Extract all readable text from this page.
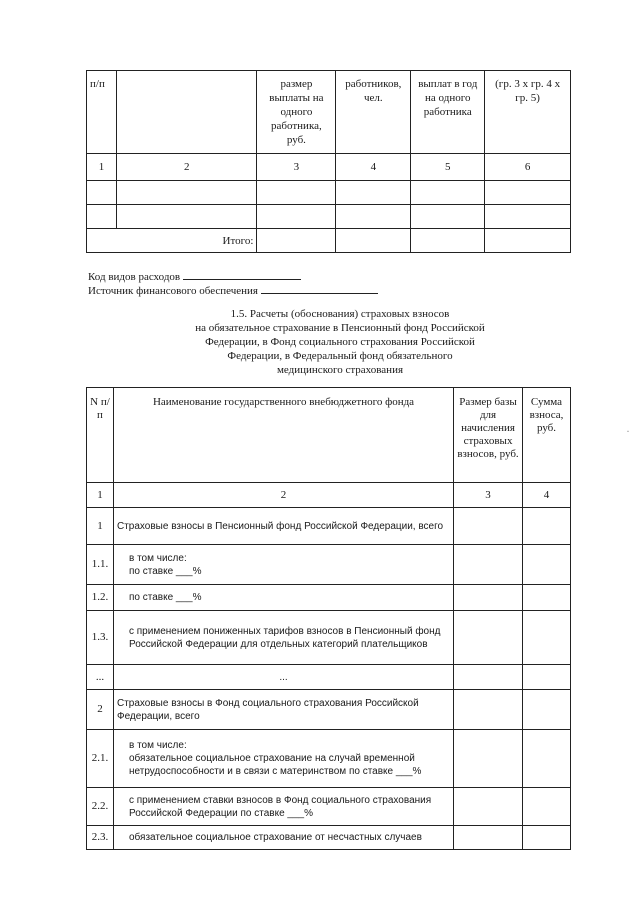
·
п/п		размер выплаты на одного работника, руб.	работников, чел.	выплат в год на одного работника	(гр. 3 х гр. 4 х гр. 5)
1	2	3	4	5	6

Итого:					
Код видов расходов
Источник финансового обеспечения
1.5. Расчеты (обоснования) страховых взносов
на обязательное страхование в Пенсионный фонд Российской
Федерации, в Фонд социального страхования Российской
Федерации, в Федеральный фонд обязательного
медицинского страхования
N п/п	Наименование государственного внебюджетного фонда	Размер базы для начисления страховых взносов, руб.	Сумма взноса, руб.
1	2	3	4
1	Страховые взносы в Пенсионный фонд Российской Федерации, всего		
1.1.	в том числе:
по ставке ___%		
1.2.	по ставке ___%		
1.3.	с применением пониженных тарифов взносов в Пенсионный фонд Российской Федерации для отдельных категорий плательщиков		
...	...		
2	Страховые взносы в Фонд социального страхования Российской Федерации, всего		
2.1.	в том числе:
обязательное социальное страхование на случай временной нетрудоспособности и в связи с материнством по ставке ___%		
2.2.	с применением ставки взносов в Фонд социального страхования Российской Федерации по ставке ___%		
2.3.	обязательное социальное страхование от несчастных случаев		
